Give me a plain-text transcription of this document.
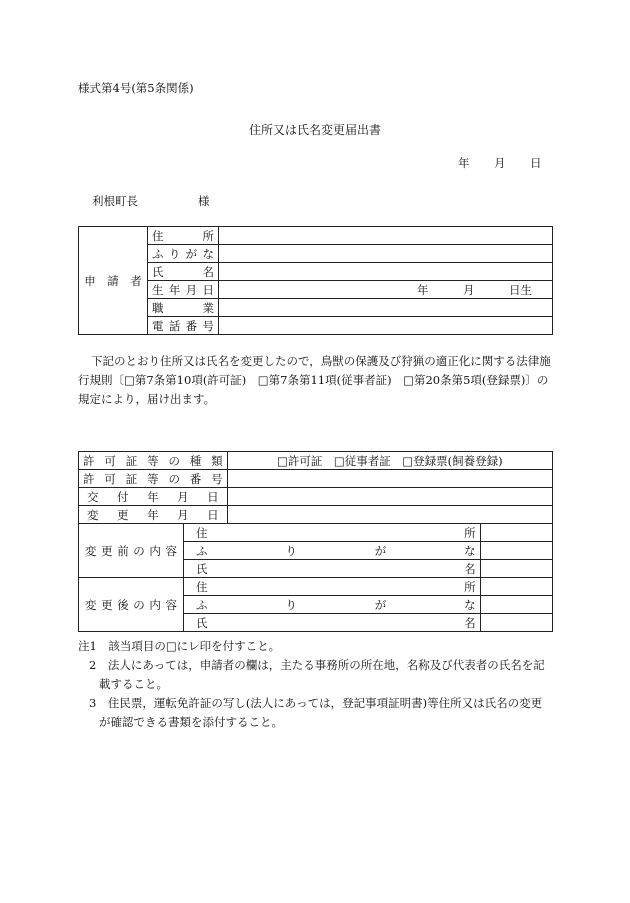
様式第4号(第5条関係)
住所又は氏名変更届出書
年 月 日
利根町長	様
申　請　者	住　　所	

	ふりがな	

	氏　　名	

	生年月日	年 月 日生

	職　　業	

	電話番号	

下記のとおり住所又は氏名を変更したので，鳥獣の保護及び狩猟の適正化に関する法律施
行規則〔□第7条第10項(許可証)　□第7条第11項(従事者証)　□第20条第5項(登録票)〕の
規定により，届け出ます。
許可証等の種類		□許可証　□従事者証　□登録票(飼養登録)	

許可証等の番号			

交付年月日			

変更年月日			

変更前の内容	住　所		

	ふりがな		

	氏　名		

変更後の内容	住　所		

	ふりがな		

	氏　名		

注1　該当項目の□にレ印を付すこと。
2　法人にあっては，申請者の欄は，主たる事務所の所在地，名称及び代表者の氏名を記
載すること。
3　住民票，運転免許証の写し(法人にあっては，登記事項証明書)等住所又は氏名の変更
が確認できる書類を添付すること。
